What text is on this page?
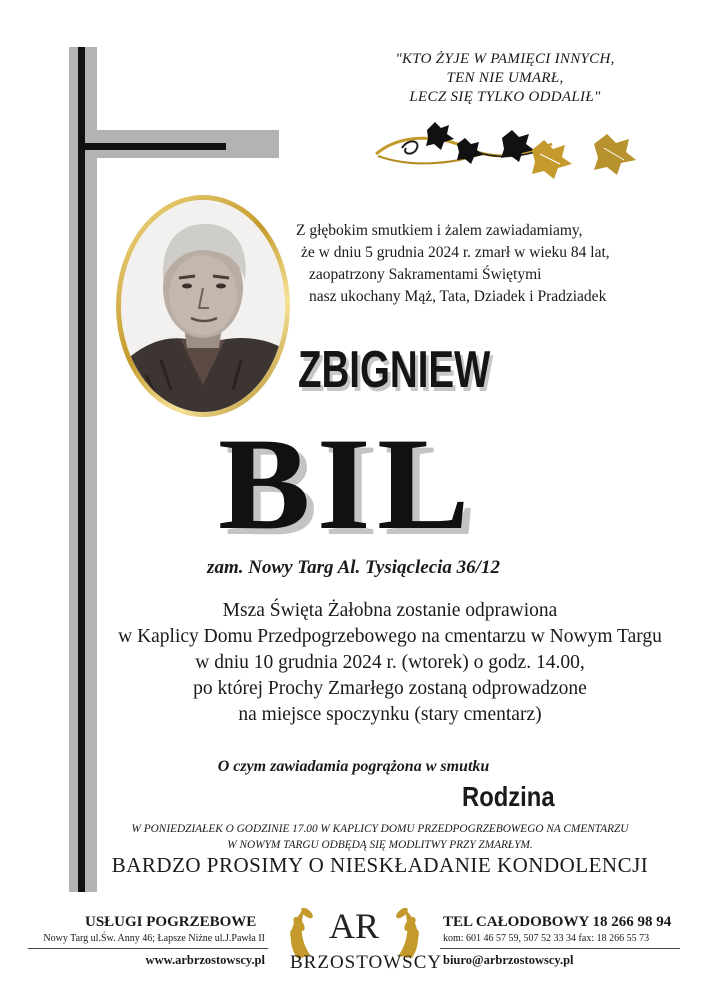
"KTO ŻYJE W PAMIĘCI INNYCH,
TEN NIE UMARŁ,
LECZ SIĘ TYLKO ODDALIŁ"
Z głębokim smutkiem i żalem zawiadamiamy,
że w dniu 5 grudnia 2024 r. zmarł w wieku 84 lat,
zaopatrzony Sakramentami Świętymi
nasz ukochany Mąż, Tata, Dziadek i Pradziadek
ZBIGNIEW
BIL
zam. Nowy Targ Al. Tysiąclecia 36/12
Msza Święta Żałobna zostanie odprawiona
w Kaplicy Domu Przedpogrzebowego na cmentarzu w Nowym Targu
w dniu 10 grudnia 2024 r. (wtorek) o godz. 14.00,
po której Prochy Zmarłego zostaną odprowadzone
na miejsce spoczynku (stary cmentarz)
O czym zawiadamia pogrążona w smutku
Rodzina
W PONIEDZIAŁEK O GODZINIE 17.00 W KAPLICY DOMU PRZEDPOGRZEBOWEGO NA CMENTARZU
W NOWYM TARGU ODBĘDĄ SIĘ MODLITWY PRZY ZMARŁYM.
BARDZO PROSIMY O NIESKŁADANIE KONDOLENCJI
USŁUGI POGRZEBOWE
Nowy Targ ul.Św. Anny 46; Łapsze Niżne ul.J.Pawła II
www.arbrzostowscy.pl
AR
BRZOSTOWSCY
TEL CAŁODOBOWY 18 266 98 94
kom: 601 46 57 59, 507 52 33 34 fax: 18 266 55 73
biuro@arbrzostowscy.pl
